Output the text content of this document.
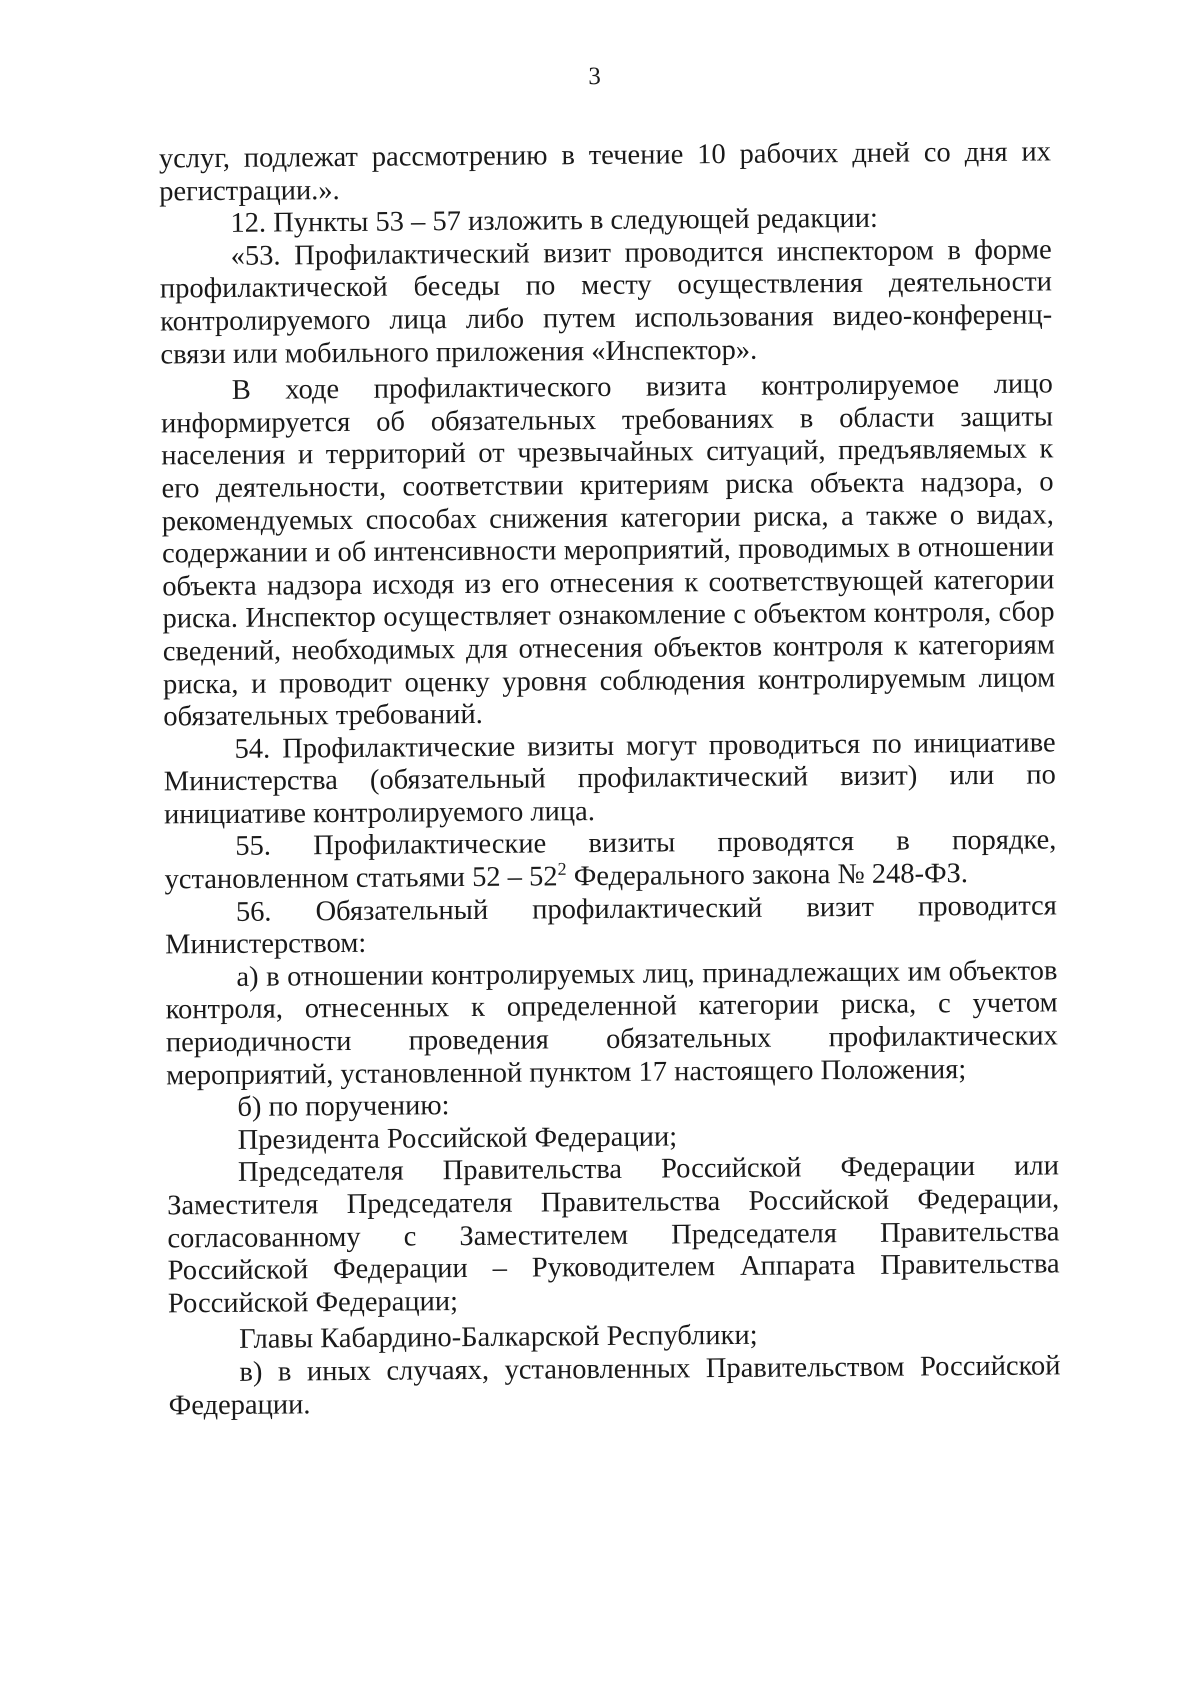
3

услуг, подлежат рассмотрению в течение 10 рабочих дней со дня их регистрации.».

12. Пункты 53 – 57 изложить в следующей редакции:

«53. Профилактический визит проводится инспектором в форме профилактической беседы по месту осуществления деятельности контролируемого лица либо путем использования видео-конференц-связи или мобильного приложения «Инспектор».

В ходе профилактического визита контролируемое лицо информируется об обязательных требованиях в области защиты населения и территорий от чрезвычайных ситуаций, предъявляемых к его деятельности, соответствии критериям риска объекта надзора, о рекомендуемых способах снижения категории риска, а также о видах, содержании и об интенсивности мероприятий, проводимых в отношении объекта надзора исходя из его отнесения к соответствующей категории риска. Инспектор осуществляет ознакомление с объектом контроля, сбор сведений, необходимых для отнесения объектов контроля к категориям риска, и проводит оценку уровня соблюдения контролируемым лицом обязательных требований.

54. Профилактические визиты могут проводиться по инициативе Министерства (обязательный профилактический визит) или по инициативе контролируемого лица.

55. Профилактические визиты проводятся в порядке, установленном статьями $52 - 52^2$ Федерального закона № 248-ФЗ.

56. Обязательный профилактический визит проводится Министерством:

а) в отношении контролируемых лиц, принадлежащих им объектов контроля, отнесенных к определенной категории риска, с учетом периодичности проведения обязательных профилактических мероприятий, установленной пунктом 17 настоящего Положения;

б) по поручению:

Президента Российской Федерации;

Председателя Правительства Российской Федерации или Заместителя Председателя Правительства Российской Федерации, согласованному с Заместителем Председателя Правительства Российской Федерации – Руководителем Аппарата Правительства Российской Федерации;

Главы Кабардино-Балкарской Республики;

в) в иных случаях, установленных Правительством Российской Федерации.
